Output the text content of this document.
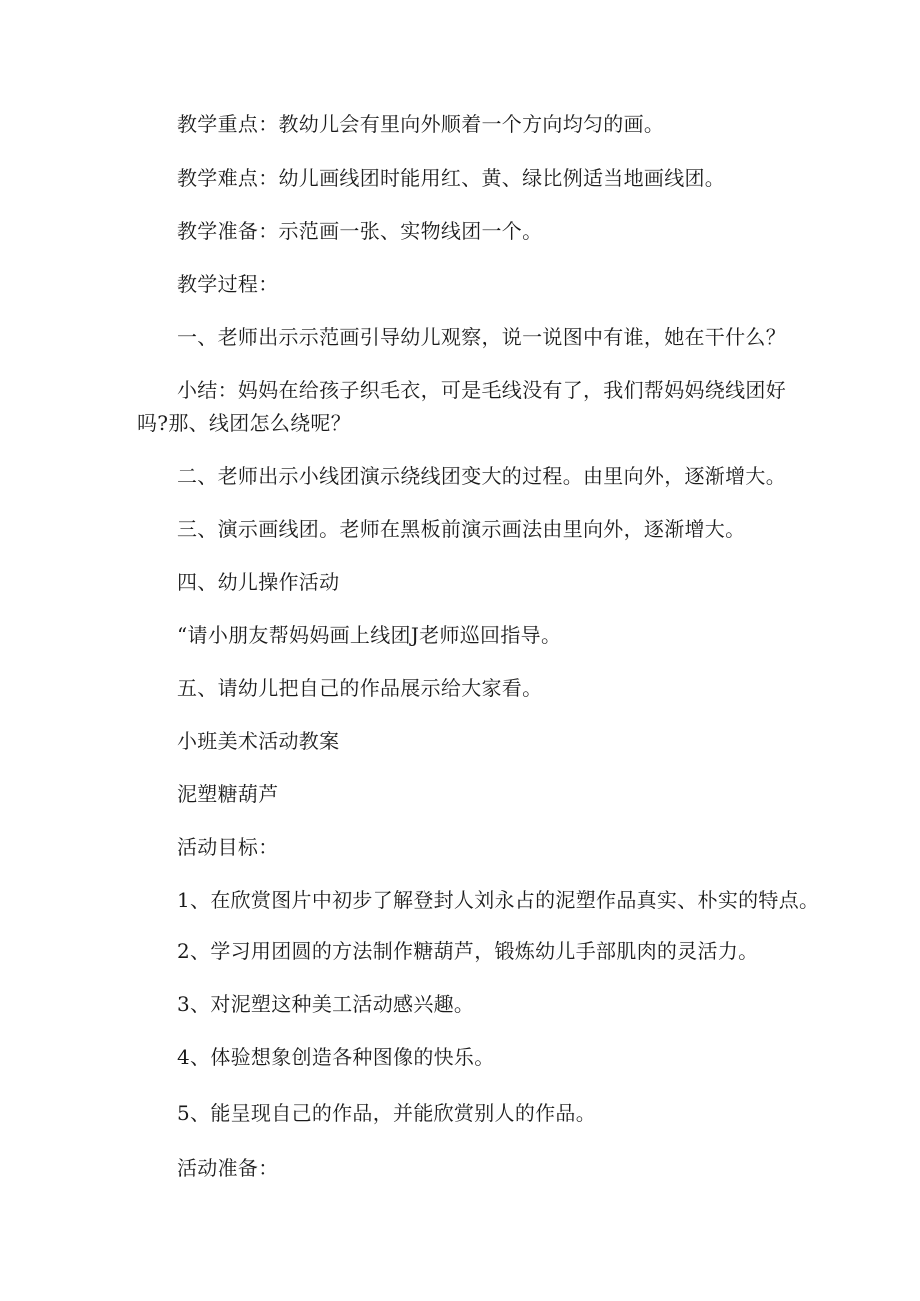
教学重点：教幼儿会有里向外顺着一个方向均匀的画。
教学难点：幼儿画线团时能用红、黄、绿比例适当地画线团。
教学准备：示范画一张、实物线团一个。
教学过程：
一、老师出示示范画引导幼儿观察，说一说图中有谁，她在干什么？
小结：妈妈在给孩子织毛衣，可是毛线没有了，我们帮妈妈绕线团好
吗?那、线团怎么绕呢？
二、老师出示小线团演示绕线团变大的过程。由里向外，逐渐增大。
三、演示画线团。老师在黑板前演示画法由里向外，逐渐增大。
四、幼儿操作活动
“请小朋友帮妈妈画上线团J老师巡回指导。
五、请幼儿把自己的作品展示给大家看。
小班美术活动教案
泥塑糖葫芦
活动目标：
1、在欣赏图片中初步了解登封人刘永占的泥塑作品真实、朴实的特点。
2、学习用团圆的方法制作糖葫芦，锻炼幼儿手部肌肉的灵活力。
3、对泥塑这种美工活动感兴趣。
4、体验想象创造各种图像的快乐。
5、能呈现自己的作品，并能欣赏别人的作品。
活动准备：
